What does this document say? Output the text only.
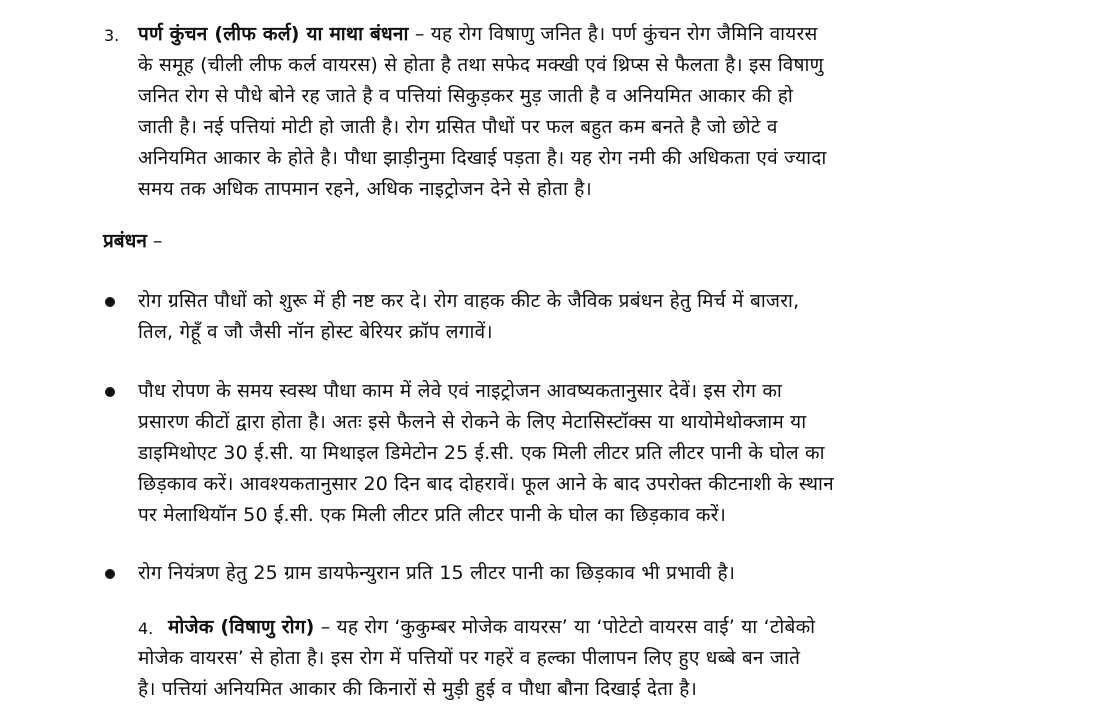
3. पर्ण कुंचन (लीफ कर्ल) या माथा बंधना – यह रोग विषाणु जनित है। पर्ण कुंचन रोग जैमिनि वायरस
के समूह (चीली लीफ कर्ल वायरस) से होता है तथा सफेद मक्खी एवं थ्रिप्स से फैलता है। इस विषाणु
जनित रोग से पौधे बोने रह जाते है व पत्तियां सिकुड़कर मुड़ जाती है व अनियमित आकार की हो
जाती है। नई पत्तियां मोटी हो जाती है। रोग ग्रसित पौधों पर फल बहुत कम बनते है जो छोटे व
अनियमित आकार के होते है। पौधा झाड़ीनुमा दिखाई पड़ता है। यह रोग नमी की अधिकता एवं ज्यादा
समय तक अधिक तापमान रहने, अधिक नाइट्रोजन देने से होता है।
प्रबंधन –
रोग ग्रसित पौधों को शुरू में ही नष्ट कर दे। रोग वाहक कीट के जैविक प्रबंधन हेतु मिर्च में बाजरा,
तिल, गेहूँ व जौ जैसी नॉन होस्ट बेरियर क्रॉप लगावें।
पौध रोपण के समय स्वस्थ पौधा काम में लेवे एवं नाइट्रोजन आवष्यकतानुसार देवें। इस रोग का
प्रसारण कीटों द्वारा होता है। अतः इसे फैलने से रोकने के लिए मेटासिस्टॉक्स या थायोमेथोक्जाम या
डाइमिथोएट 30 ई.सी. या मिथाइल डिमेटोन 25 ई.सी. एक मिली लीटर प्रति लीटर पानी के घोल का
छिड़काव करें। आवश्यकतानुसार 20 दिन बाद दोहरावें। फूल आने के बाद उपरोक्त कीटनाशी के स्थान
पर मेलाथियॉन 50 ई.सी. एक मिली लीटर प्रति लीटर पानी के घोल का छिड़काव करें।
रोग नियंत्रण हेतु 25 ग्राम डायफेन्युरान प्रति 15 लीटर पानी का छिड़काव भी प्रभावी है।
4. मोजेक (विषाणु रोग) – यह रोग ‘कुकुम्बर मोजेक वायरस’ या ‘पोटेटो वायरस वाई’ या ‘टोबेको
मोजेक वायरस’ से होता है। इस रोग में पत्तियों पर गहरें व हल्का पीलापन लिए हुए धब्बे बन जाते
है। पत्तियां अनियमित आकार की किनारों से मुड़ी हुई व पौधा बौना दिखाई देता है।
